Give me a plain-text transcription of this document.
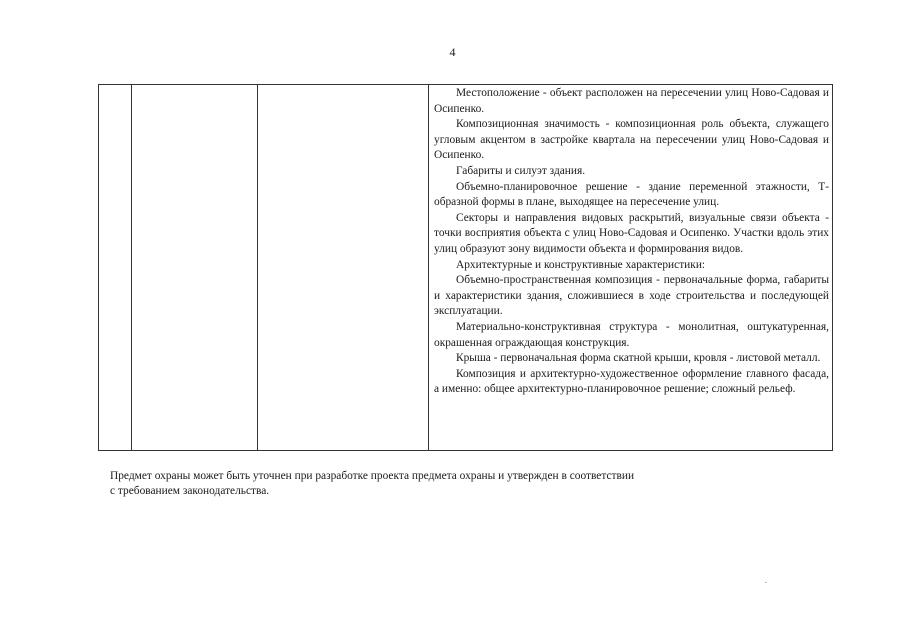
4

Местоположение - объект расположен на пересечении улиц Ново-Садовая и Осипенко.

Композиционная значимость - композиционная роль объекта, служащего угловым акцентом в застройке квартала на пересечении улиц Ново-Садовая и Осипенко.

Габариты и силуэт здания.

Объемно-планировочное решение - здание переменной этажности, Т-образной формы в плане, выходящее на пересечение улиц.

Секторы и направления видовых раскрытий, визуальные связи объекта - точки восприятия объекта с улиц Ново-Садовая и Осипенко. Участки вдоль этих улиц образуют зону видимости объекта и формирования видов.

Архитектурные и конструктивные характеристики:

Объемно-пространственная композиция - первоначальные форма, габариты и характеристики здания, сложившиеся в ходе строительства и последующей эксплуатации.

Материально-конструктивная структура - монолитная, оштукатуренная, окрашенная ограждающая конструкция.

Крыша - первоначальная форма скатной крыши, кровля - листовой металл.

Композиция и архитектурно-художественное оформление главного фасада, а именно: общее архитектурно-планировочное решение; сложный рельеф.

Предмет охраны может быть уточнен при разработке проекта предмета охраны и утвержден в соответствии
с требованием законодательства.
